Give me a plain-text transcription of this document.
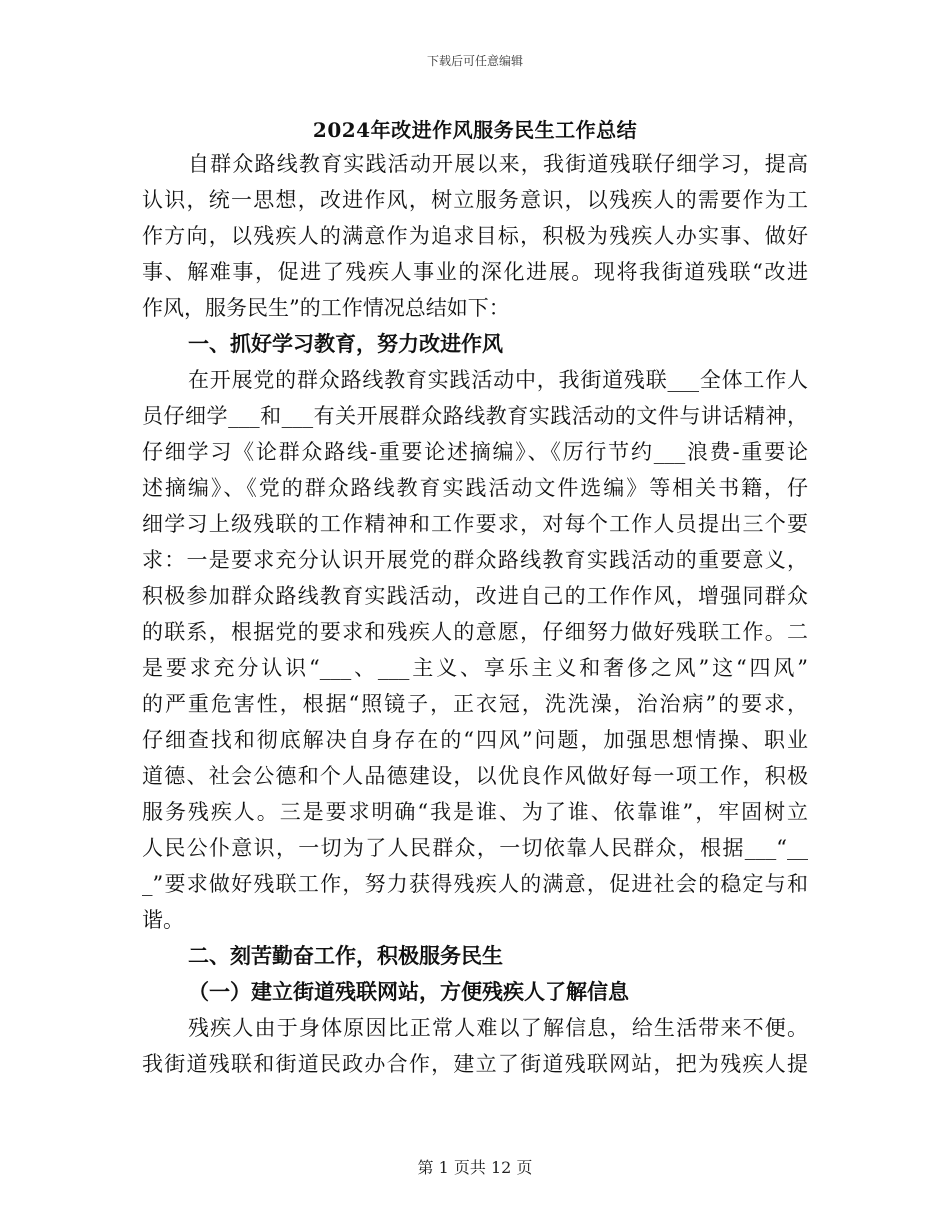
下载后可任意编辑
2024年改进作风服务民生工作总结
自群众路线教育实践活动开展以来，我街道残联仔细学习，提高
认识，统一思想，改进作风，树立服务意识，以残疾人的需要作为工
作方向，以残疾人的满意作为追求目标，积极为残疾人办实事、做好
事、解难事，促进了残疾人事业的深化进展。现将我街道残联“改进
作风，服务民生”的工作情况总结如下：
一、抓好学习教育，努力改进作风
在开展党的群众路线教育实践活动中，我街道残联___全体工作人
员仔细学___和___有关开展群众路线教育实践活动的文件与讲话精神，
仔细学习《论群众路线-重要论述摘编》、《厉行节约___浪费-重要论
述摘编》、《党的群众路线教育实践活动文件选编》等相关书籍，仔
细学习上级残联的工作精神和工作要求，对每个工作人员提出三个要
求：一是要求充分认识开展党的群众路线教育实践活动的重要意义，
积极参加群众路线教育实践活动，改进自己的工作作风，增强同群众
的联系，根据党的要求和残疾人的意愿，仔细努力做好残联工作。二
是要求充分认识“___、___主义、享乐主义和奢侈之风”这“四风”
的严重危害性，根据“照镜子，正衣冠，洗洗澡，治治病”的要求，
仔细查找和彻底解决自身存在的“四风”问题，加强思想情操、职业
道德、社会公德和个人品德建设，以优良作风做好每一项工作，积极
服务残疾人。三是要求明确“我是谁、为了谁、依靠谁”，牢固树立
人民公仆意识，一切为了人民群众，一切依靠人民群众，根据___“__
_”要求做好残联工作，努力获得残疾人的满意，促进社会的稳定与和
谐。
二、刻苦勤奋工作，积极服务民生
（一）建立街道残联网站，方便残疾人了解信息
残疾人由于身体原因比正常人难以了解信息，给生活带来不便。
我街道残联和街道民政办合作，建立了街道残联网站，把为残疾人提
第 1 页共 12 页
